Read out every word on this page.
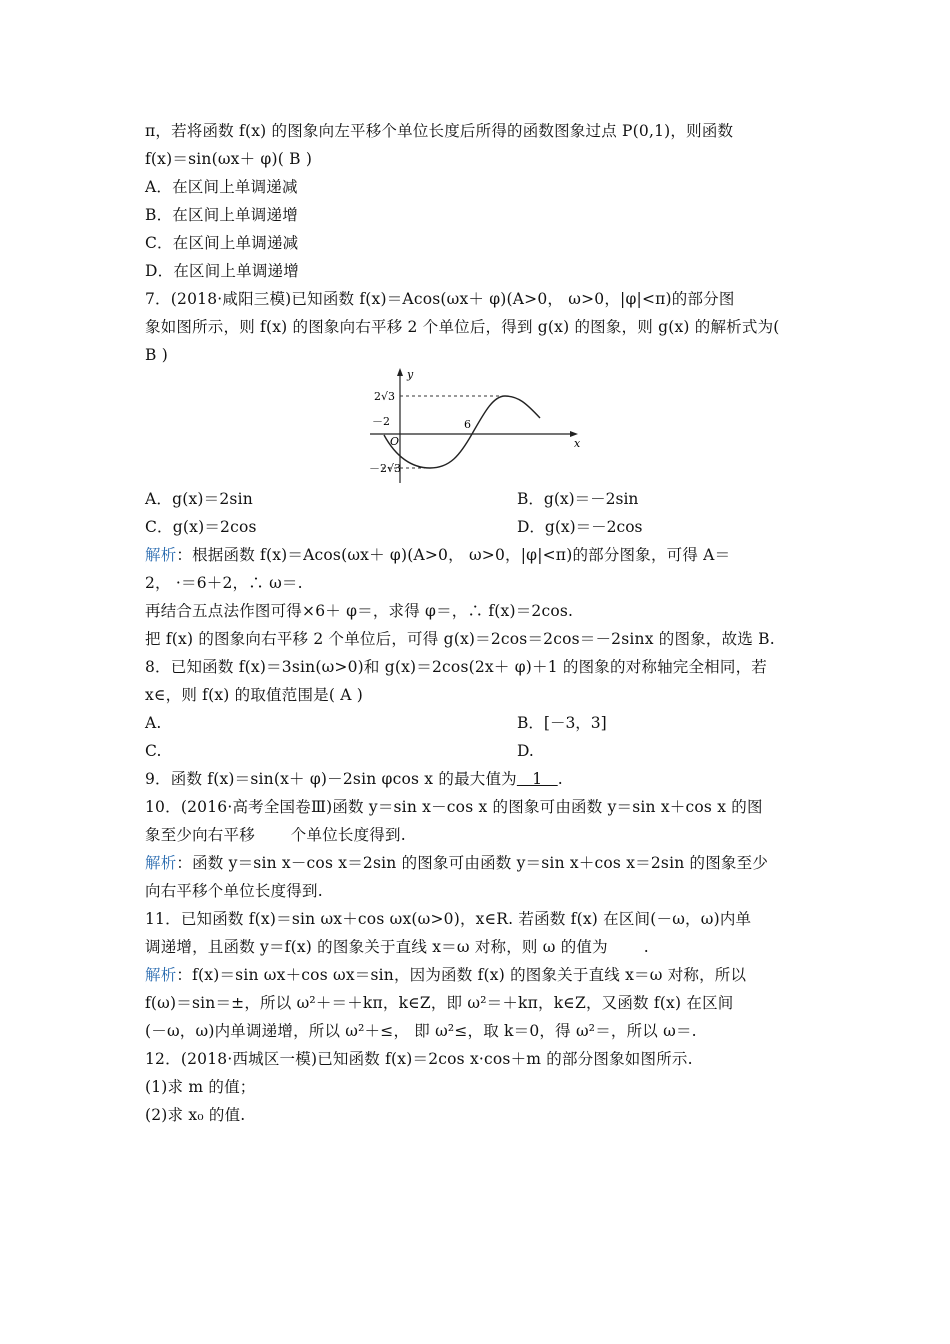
π，若将函数 f(x) 的图象向左平移个单位长度后所得的函数图象过点 P(0,1)，则函数
f(x)＝sin(ωx＋ φ)( B )
A．在区间上单调递减
B．在区间上单调递增
C．在区间上单调递减
D．在区间上单调递增
7．(2018·咸阳三模)已知函数 f(x)＝Acos(ωx＋ φ)(A>0， ω>0，|φ|<π)的部分图
象如图所示，则 f(x) 的图象向右平移 2 个单位后，得到 g(x) 的图象，则 g(x) 的解析式为(
B )
y
x
2√3
－2√3
－2
O
6
A．g(x)＝2sin	B．g(x)＝－2sin
C．g(x)＝2cos	D．g(x)＝－2cos
解析：根据函数 f(x)＝Acos(ωx＋ φ)(A>0， ω>0，|φ|<π)的部分图象，可得 A＝
2， ·＝6＋2，∴ ω＝.
再结合五点法作图可得×6＋ φ＝，求得 φ＝，∴ f(x)＝2cos.
把 f(x) 的图象向右平移 2 个单位后，可得 g(x)＝2cos＝2cos＝－2sinx 的图象，故选 B.
8．已知函数 f(x)＝3sin(ω>0)和 g(x)＝2cos(2x＋ φ)＋1 的图象的对称轴完全相同，若
x∈，则 f(x) 的取值范围是( A )
A.	B．[－3，3]
C.	D.
9．函数 f(x)＝sin(x＋ φ)－2sin φcos x 的最大值为   1   .
10．(2016·高考全国卷Ⅲ)函数 y＝sin x－cos x 的图象可由函数 y＝sin x＋cos x 的图
象至少向右平移       个单位长度得到.
解析：函数 y＝sin x－cos x＝2sin 的图象可由函数 y＝sin x＋cos x＝2sin 的图象至少
向右平移个单位长度得到.
11．已知函数 f(x)＝sin ωx＋cos ωx(ω>0)，x∈R. 若函数 f(x) 在区间(－ω，ω)内单
调递增，且函数 y＝f(x) 的图象关于直线 x＝ω 对称，则 ω 的值为       .
解析：f(x)＝sin ωx＋cos ωx＝sin，因为函数 f(x) 的图象关于直线 x＝ω 对称，所以
f(ω)＝sin＝±，所以 ω²＋＝＋kπ，k∈Z，即 ω²＝＋kπ，k∈Z，又函数 f(x) 在区间
(－ω，ω)内单调递增，所以 ω²＋≤， 即 ω²≤，取 k＝0，得 ω²＝，所以 ω＝.
12．(2018·西城区一模)已知函数 f(x)＝2cos x·cos＋m 的部分图象如图所示.
(1)求 m 的值；
(2)求 x₀ 的值.
